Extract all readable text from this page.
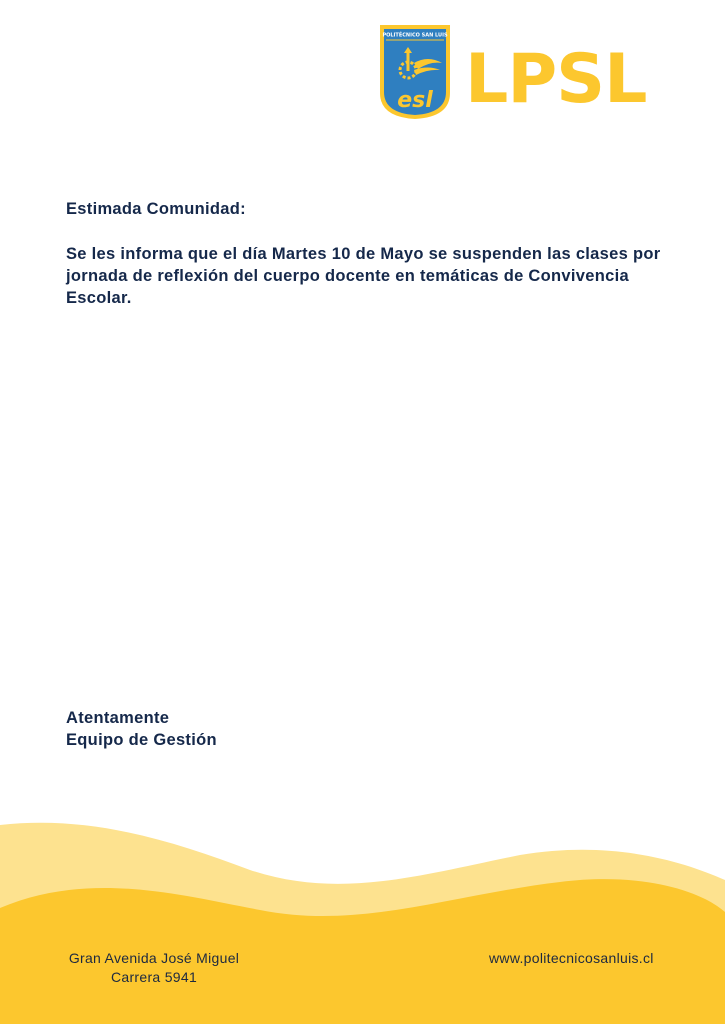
POLITÉCNICO SAN LUIS
esl LPSL
Estimada Comunidad:
Se les informa que el día Martes 10 de Mayo se suspenden las clases por jornada de reflexión del cuerpo docente en temáticas de Convivencia Escolar.
Atentamente
Equipo de Gestión
Gran Avenida José Miguel
Carrera 5941
www.politecnicosanluis.cl
